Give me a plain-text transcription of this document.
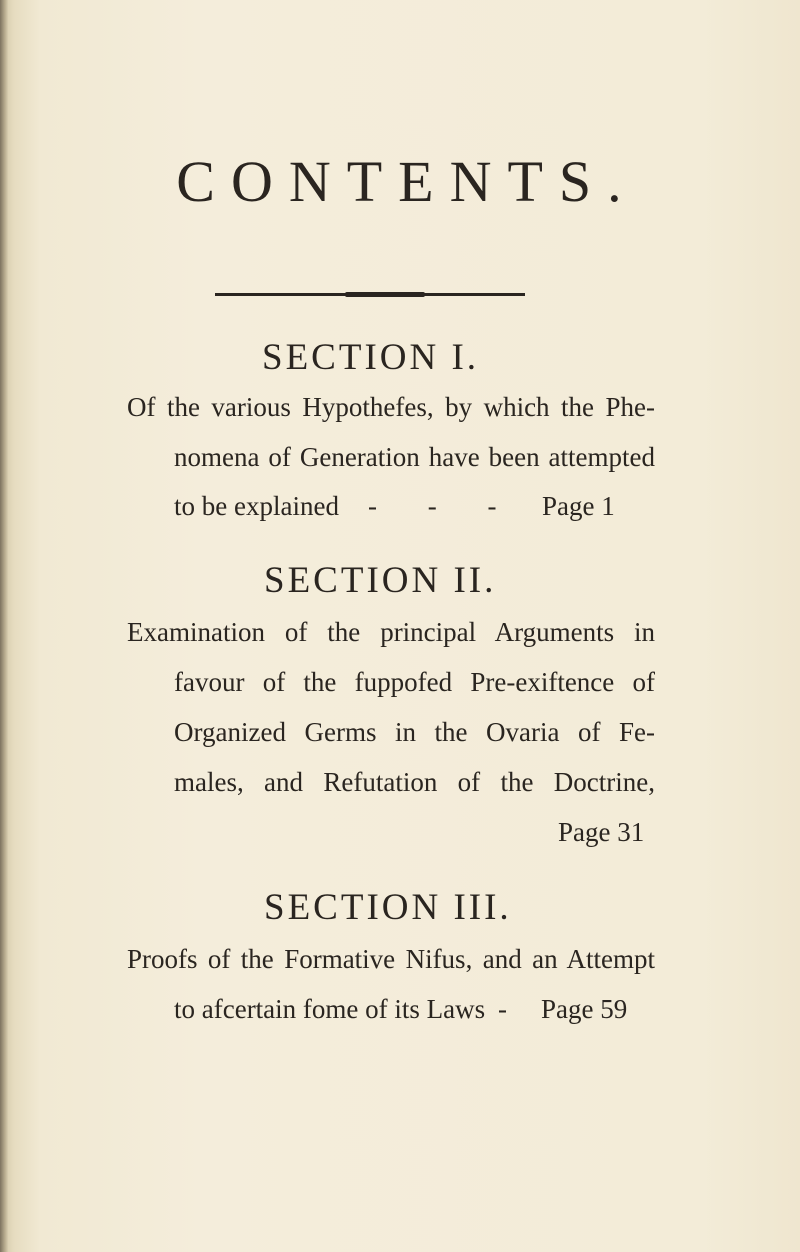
CONTENTS.
SECTION I.
Of the various Hypothefes, by which the Phe-
nomena of Generation have been attempted
to be explained - - - Page 1
SECTION II.
Examination of the principal Arguments in
favour of the fuppofed Pre-exiftence of
Organized Germs in the Ovaria of Fe-
males, and Refutation of the Doctrine,
Page 31
SECTION III.
Proofs of the Formative Nifus, and an Attempt
to afcertain fome of its Laws - Page 59
